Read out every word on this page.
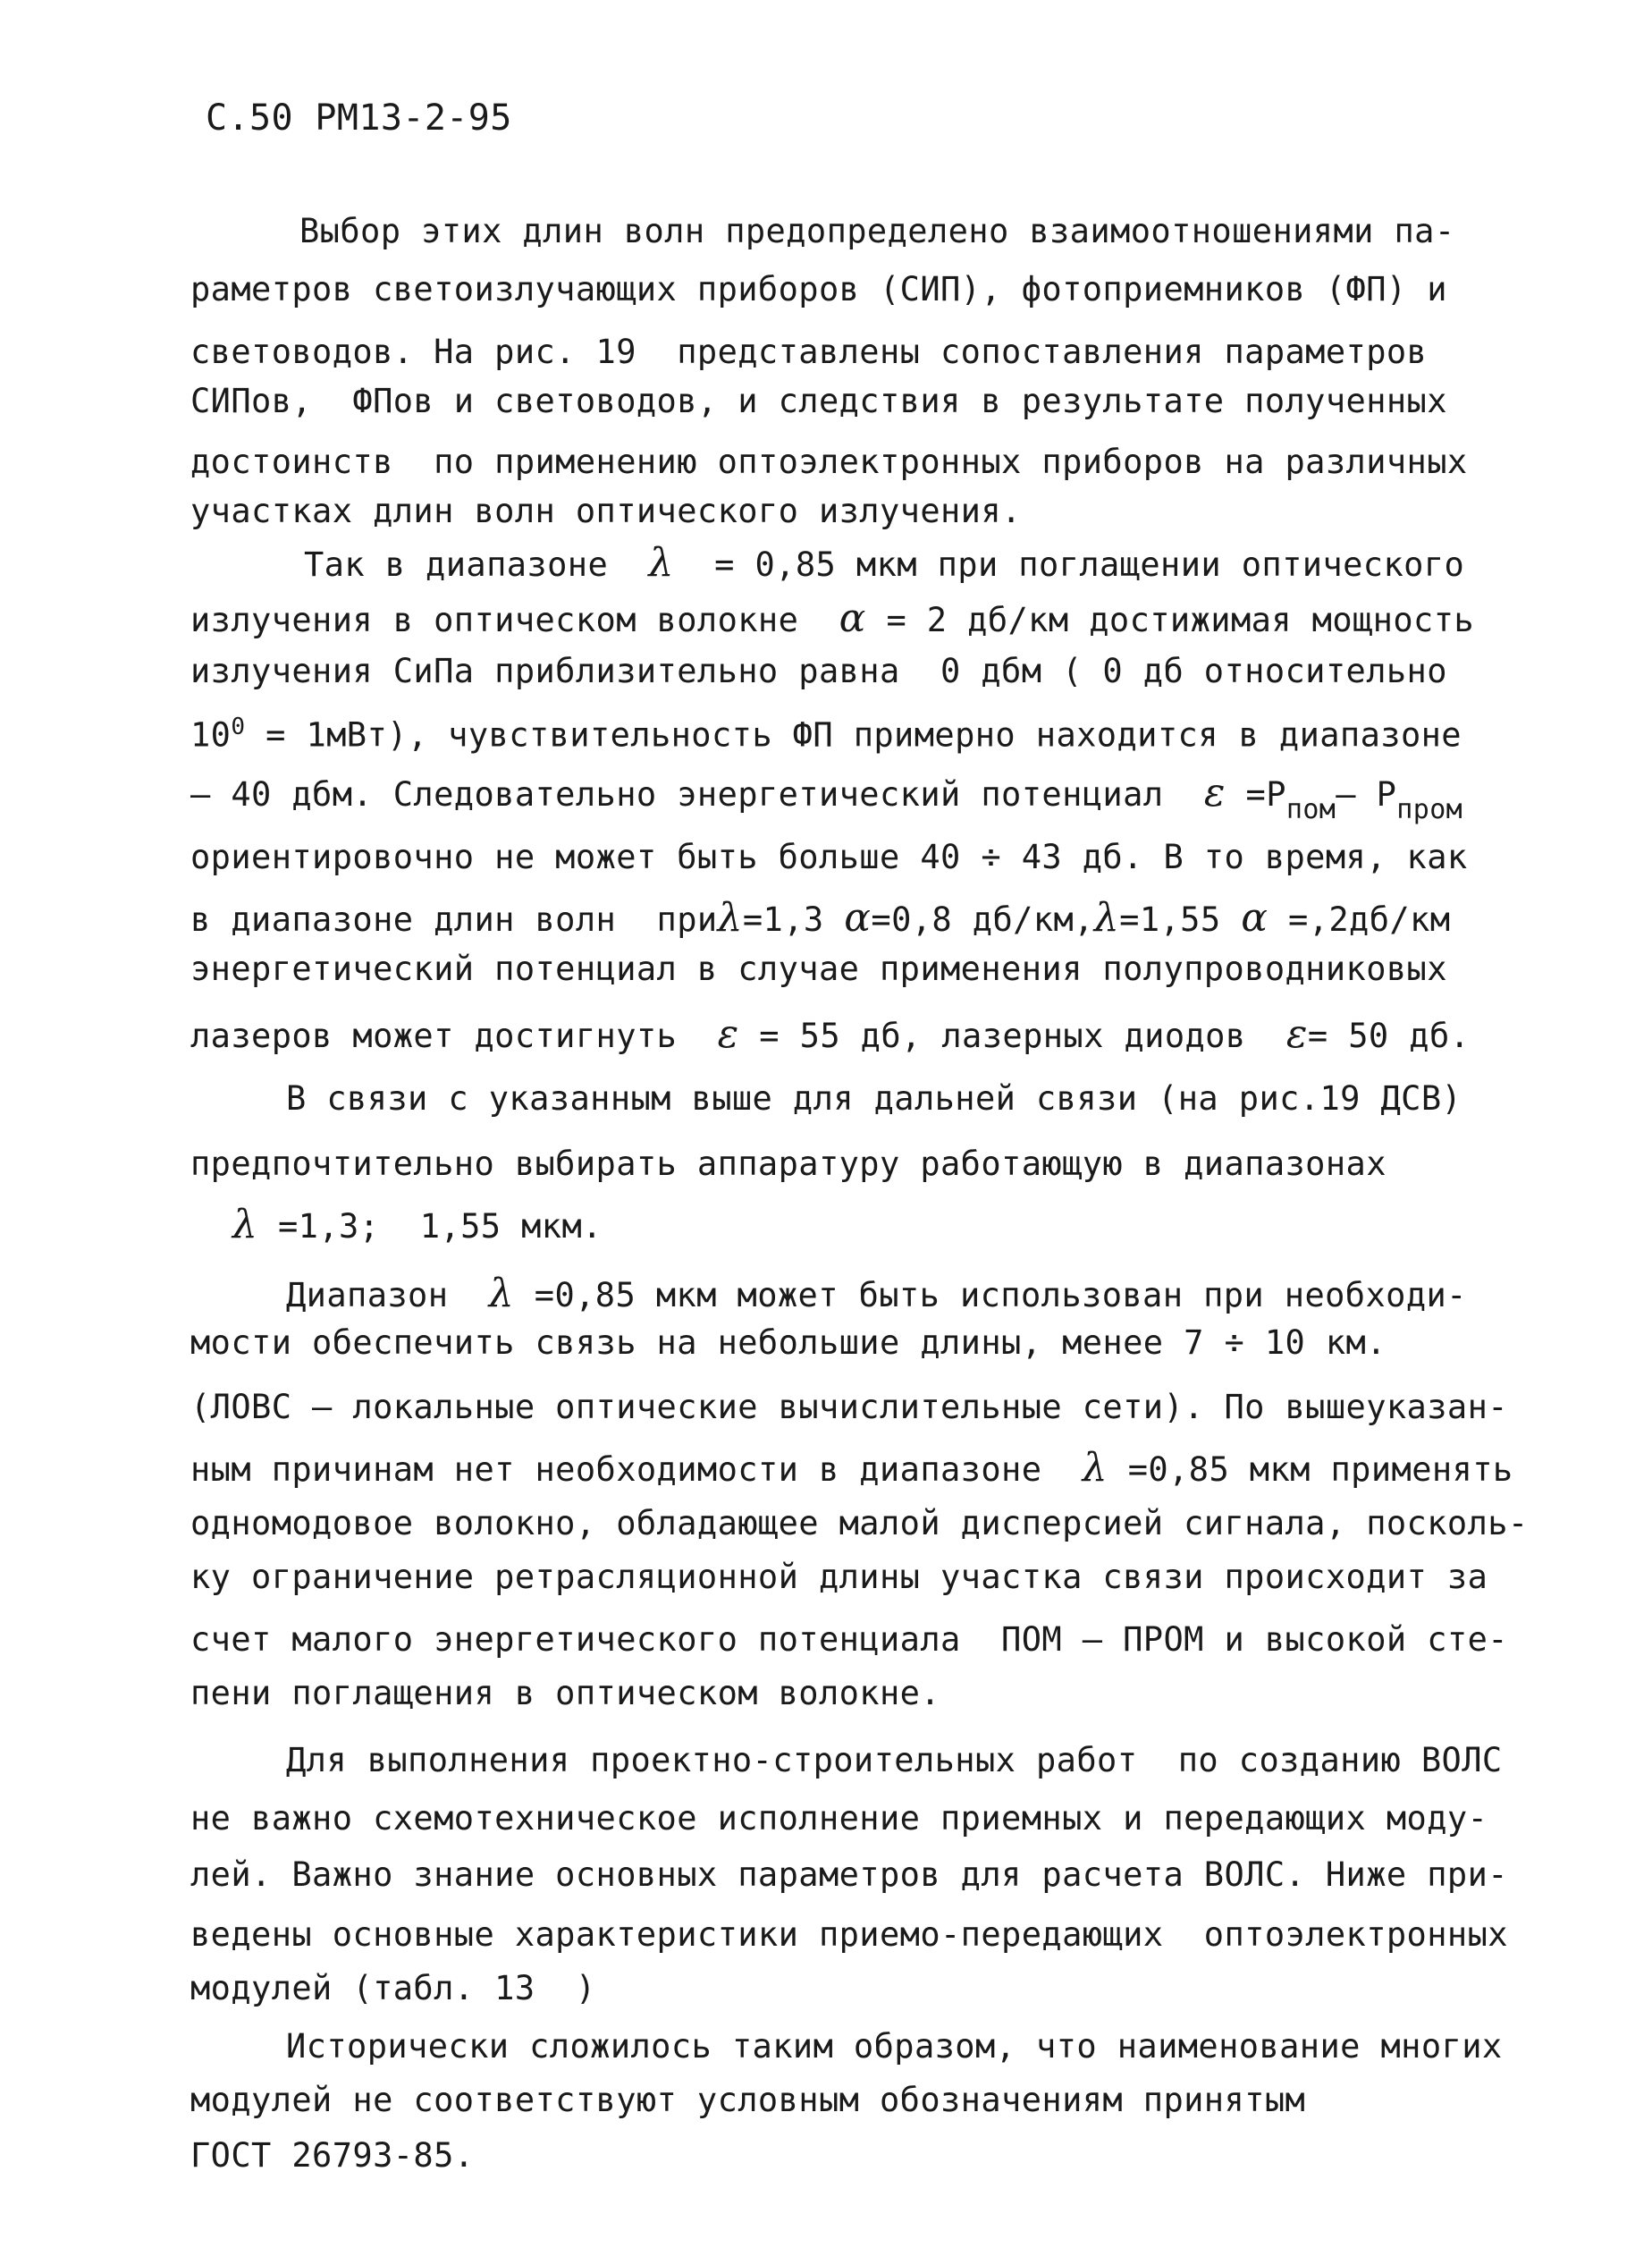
С.50 РМ13-2-95
Выбор этих длин волн предопределено взаимоотношениями па-
раметров светоизлучающих приборов (СИП), фотоприемников (ФП) и
световодов. На рис. 19  представлены сопоставления параметров
СИПов,  ФПов и световодов, и следствия в результате полученных
достоинств  по применению оптоэлектронных приборов на различных
участках длин волн оптического излучения.
Так в диапазоне λ = 0,85 мкм при поглащении оптического
излучения в оптическом волокне α = 2 дб/км достижимая мощность
излучения СиПа приблизительно равна  0 дбм ( 0 дб относительно
$10^0 = 1мВт$), чувствительность ФП примерно находится в диапазоне
– 40 дбм. Следовательно энергетический потенциал $\varepsilon =P_{пом}-$ $P_{пром}$
ориентировочно не может быть больше 40 ÷ 43 дб. В то время, как
в диапазоне длин волн  приλ=1,3 α=0,8 дб/км,λ=1,55 α =,2дб/км
энергетический потенциал в случае применения полупроводниковых
лазеров может достигнуть ε = 55 дб, лазерных диодов ε= 50 дб.
В связи с указанным выше для дальней связи (на рис.19 ДСВ)
предпочтительно выбирать аппаратуру работающую в диапазонах
λ =1,3;  1,55 мкм.
Диапазон λ =0,85 мкм может быть использован при необходи-
мости обеспечить связь на небольшие длины, менее 7 ÷ 10 км.
(ЛОВС – локальные оптические вычислительные сети). По вышеуказан-
ным причинам нет необходимости в диапазоне λ =0,85 мкм применять
одномодовое волокно, обладающее малой дисперсией сигнала, посколь-
ку ограничение ретрасляционной длины участка связи происходит за
счет малого энергетического потенциала  ПОМ – ПРОМ и высокой сте-
пени поглащения в оптическом волокне.
Для выполнения проектно-строительных работ  по созданию ВОЛС
не важно схемотехническое исполнение приемных и передающих моду-
лей. Важно знание основных параметров для расчета ВОЛС. Ниже при-
ведены основные характеристики приемо-передающих  оптоэлектронных
модулей (табл. 13  )
Исторически сложилось таким образом, что наименование многих
модулей не соответствуют условным обозначениям принятым
ГОСТ 26793-85.
